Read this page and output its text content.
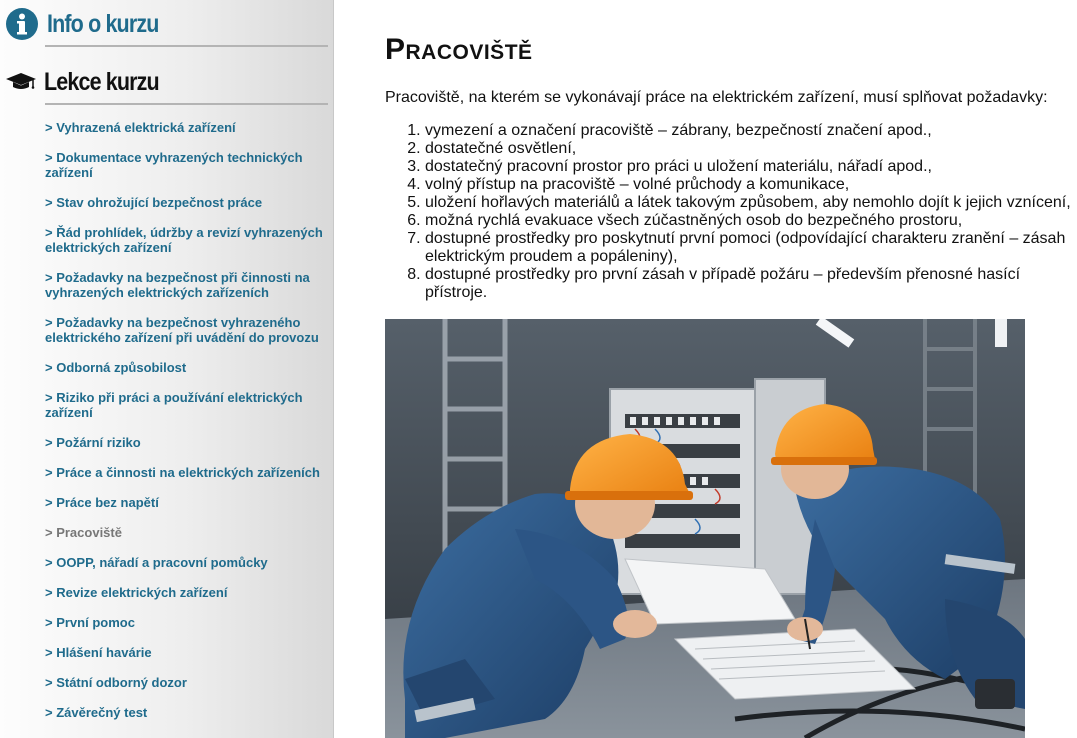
Info o kurzu
Lekce kurzu
> Vyhrazená elektrická zařízení
> Dokumentace vyhrazených technických zařízení
> Stav ohrožující bezpečnost práce
> Řád prohlídek, údržby a revizí vyhrazených elektrických zařízení
> Požadavky na bezpečnost při činnosti na vyhrazených elektrických zařízeních
> Požadavky na bezpečnost vyhrazeného elektrického zařízení při uvádění do provozu
> Odborná způsobilost
> Riziko při práci a používání elektrických zařízení
> Požární riziko
> Práce a činnosti na elektrických zařízeních
> Práce bez napětí
> Pracoviště
> OOPP, nářadí a pracovní pomůcky
> Revize elektrických zařízení
> První pomoc
> Hlášení havárie
> Státní odborný dozor
> Závěrečný test
Pracoviště

Pracoviště, na kterém se vykonávají práce na elektrickém zařízení, musí splňovat požadavky:

1. vymezení a označení pracoviště – zábrany, bezpečností značení apod.,
2. dostatečné osvětlení,
3. dostatečný pracovní prostor pro práci u uložení materiálu, nářadí apod.,
4. volný přístup na pracoviště – volné průchody a komunikace,
5. uložení hořlavých materiálů a látek takovým způsobem, aby nemohlo dojít k jejich vznícení,
6. možná rychlá evakuace všech zúčastněných osob do bezpečného prostoru,
7. dostupné prostředky pro poskytnutí první pomoci (odpovídající charakteru zranění – zásah elektrickým proudem a popáleniny),
8. dostupné prostředky pro první zásah v případě požáru – především přenosné hasící přístroje.
